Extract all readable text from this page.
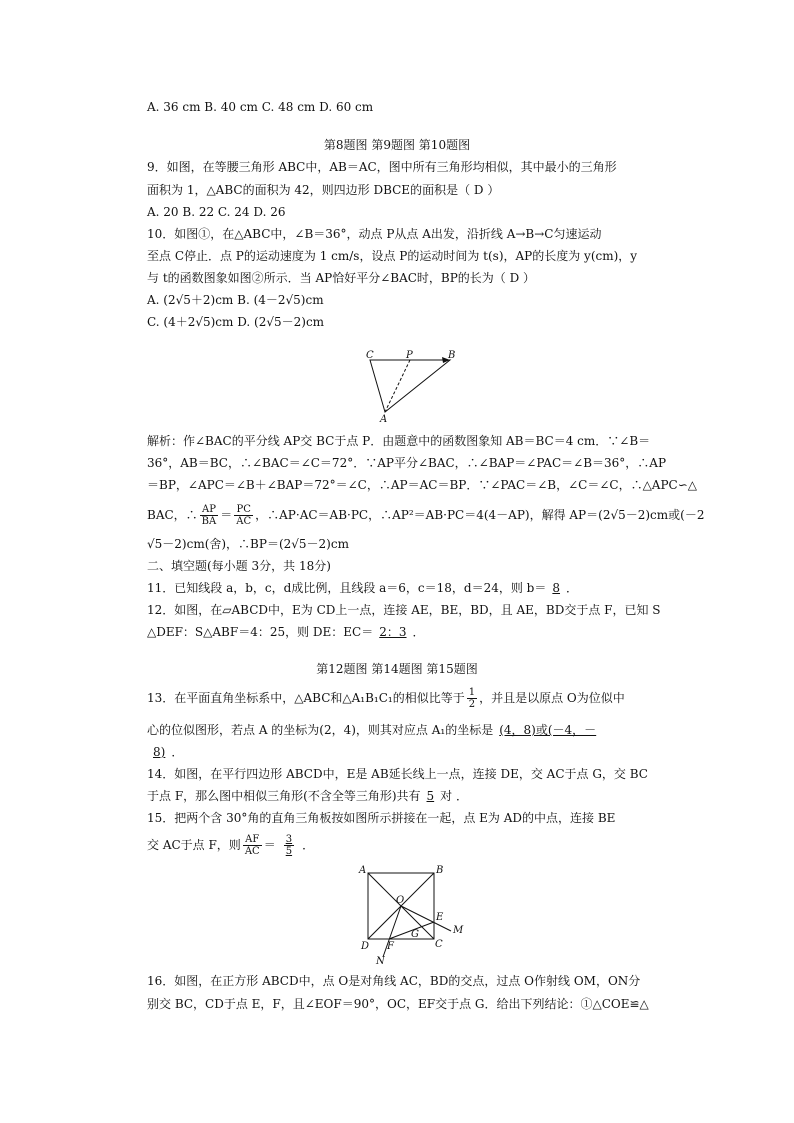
A. 36 cm B. 40 cm C. 48 cm D. 60 cm
第8题图 第9题图 第10题图
9．如图，在等腰三角形 ABC中，AB＝AC，图中所有三角形均相似，其中最小的三角形
面积为 1，△ABC的面积为 42，则四边形 DBCE的面积是（ D ）
A. 20 B. 22 C. 24 D. 26
10．如图①，在△ABC中，∠B＝36°，动点 P从点 A出发，沿折线 A→B→C匀速运动
至点 C停止．点 P的运动速度为 1 cm/s，设点 P的运动时间为 t(s)，AP的长度为 y(cm)，y
与 t的函数图象如图②所示．当 AP恰好平分∠BAC时，BP的长为（ D ）
A. (2√5＋2)cm B. (4－2√5)cm
C. (4＋2√5)cm D. (2√5－2)cm
C	P	B
A
解析：作∠BAC的平分线 AP交 BC于点 P．由题意中的函数图象知 AB＝BC＝4 cm．∵∠B＝
36°，AB＝BC，∴∠BAC＝∠C＝72°．∵AP平分∠BAC，∴∠BAP＝∠PAC＝∠B＝36°，∴AP
＝BP，∠APC＝∠B＋∠BAP＝72°＝∠C，∴AP＝AC＝BP．∵∠PAC＝∠B，∠C＝∠C，∴△APC∽△
BAC，∴ $\frac{AP}{BA} = \frac{PC}{AC}$ ，∴AP·AC＝AB·PC，∴AP²＝AB·PC＝4(4－AP)，解得 AP＝(2√5－2)cm或(－2
√5－2)cm(舍)，∴BP＝(2√5－2)cm
二、填空题(每小题 3分，共 18分)
11．已知线段 a，b，c，d成比例，且线段 a＝6，c＝18，d＝24，则 b＝ 8 ．
12．如图，在▱ABCD中，E为 CD上一点，连接 AE，BE，BD，且 AE，BD交于点 F，已知 S
△DEF：S△ABF＝4：25，则 DE：EC＝ 2：3 ．
第12题图 第14题图 第15题图
13．在平面直角坐标系中，△ABC和△A₁B₁C₁的相似比等于 $\frac{1}{2}$ ，并且是以原点 O为位似中
心的位似图形，若点 A 的坐标为(2，4)，则其对应点 A₁的坐标是 (4，8)或(－4，－
8) ．
14．如图，在平行四边形 ABCD中，E是 AB延长线上一点，连接 DE，交 AC于点 G，交 BC
于点 F，那么图中相似三角形(不含全等三角形)共有 5 对 ．
15．把两个含 30°角的直角三角板按如图所示拼接在一起，点 E为 AD的中点，连接 BE
交 AC于点 F，则 $\frac{AF}{AC} = \frac{3}{5}$ ．
A	B
O
E
M
G
C
D F
N
16．如图，在正方形 ABCD中，点 O是对角线 AC，BD的交点，过点 O作射线 OM，ON分
别交 BC，CD于点 E，F，且∠EOF＝90°，OC，EF交于点 G．给出下列结论：①△COE≌△
